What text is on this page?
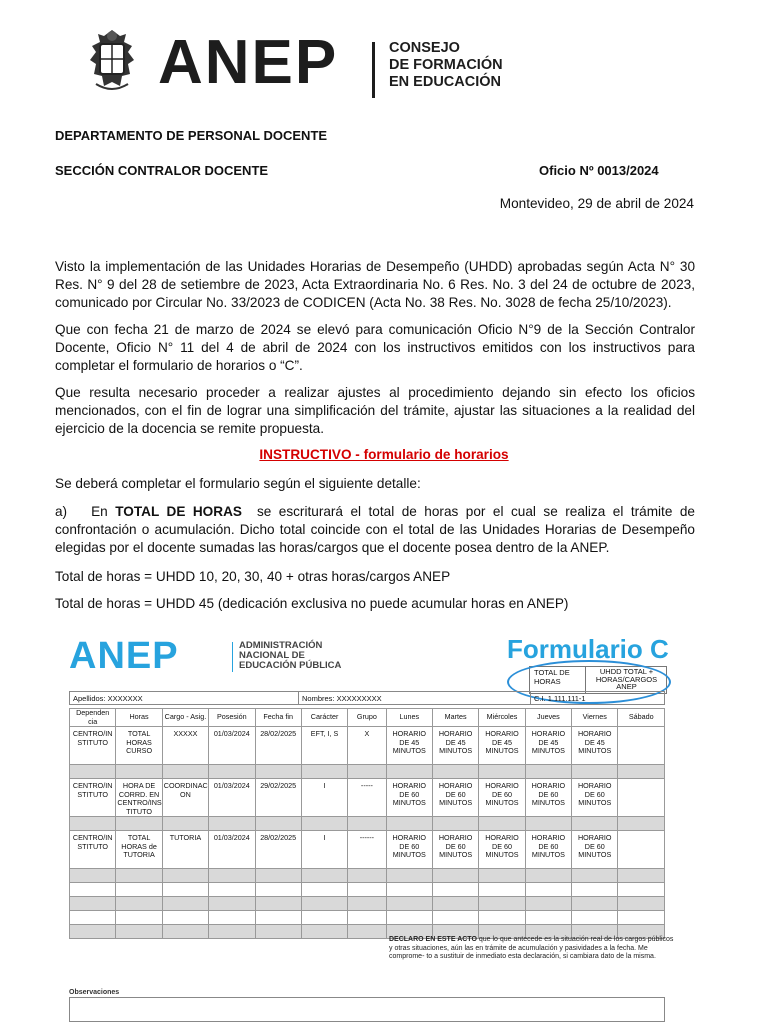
ANEP	CONSEJO
DE FORMACIÓN
EN EDUCACIÓN
DEPARTAMENTO DE PERSONAL DOCENTE
SECCIÓN CONTRALOR DOCENTE	Oficio Nº 0013/2024
Montevideo, 29 de abril de 2024

Visto la implementación de las Unidades Horarias de Desempeño (UHDD) aprobadas según Acta N° 30 Res. N° 9 del 28 de setiembre de 2023, Acta Extraordinaria No. 6 Res. No. 3 del 24 de octubre de 2023, comunicado por Circular No. 33/2023 de CODICEN (Acta No. 38 Res. No. 3028 de fecha 25/10/2023).

Que con fecha 21 de marzo de 2024 se elevó para comunicación Oficio N°9 de la Sección Contralor Docente, Oficio N° 11 del 4 de abril de 2024 con los instructivos emitidos con los instructivos para completar el formulario de horarios o “C”.

Que resulta necesario proceder a realizar ajustes al procedimiento dejando sin efecto los oficios mencionados, con el fin de lograr una simplificación del trámite, ajustar las situaciones a la realidad del ejercicio de la docencia se remite propuesta.

INSTRUCTIVO - formulario de horarios
Se deberá completar el formulario según el siguiente detalle:

a) En TOTAL DE HORAS se escriturará el total de horas por el cual se realiza el trámite de confrontación o acumulación. Dicho total coincide con el total de las Unidades Horarias de Desempeño elegidas por el docente sumadas las horas/cargos que el docente posea dentro de la ANEP.

Total de horas = UHDD 10, 20, 30, 40 + otras horas/cargos ANEP
Total de horas = UHDD 45 (dedicación exclusiva no puede acumular horas en ANEP)
ANEP	ADMINISTRACIÓN
NACIONAL DE
EDUCACIÓN PÚBLICA
Formulario C
TOTAL DE HORAS
UHDD TOTAL + HORAS/CARGOS ANEP
Apellidos: XXXXXXX	Nombres: XXXXXXXXX	C.I. 1.111.111-1
Dependen cia	Horas	Cargo - Asig.	Posesión	Fecha fin	Carácter	Grupo	Lunes	Martes	Miércoles	Jueves	Viernes	Sábado
CENTRO/IN STITUTO	TOTAL HORAS CURSO	XXXXX	01/03/2024	28/02/2025	EFT, I, S	X	HORARIO DE 45 MINUTOS	HORARIO DE 45 MINUTOS	HORARIO DE 45 MINUTOS	HORARIO DE 45 MINUTOS	HORARIO DE 45 MINUTOS	

CENTRO/IN STITUTO	HORA DE CORRD. EN CENTRO/INS TITUTO	COORDINAC ON	01/03/2024	29/02/2025	I	-----	HORARIO DE 60 MINUTOS	HORARIO DE 60 MINUTOS	HORARIO DE 60 MINUTOS	HORARIO DE 60 MINUTOS	HORARIO DE 60 MINUTOS	

CENTRO/IN STITUTO	TOTAL HORAS de TUTORIA	TUTORIA	01/03/2024	28/02/2025	I	------	HORARIO DE 60 MINUTOS	HORARIO DE 60 MINUTOS	HORARIO DE 60 MINUTOS	HORARIO DE 60 MINUTOS	HORARIO DE 60 MINUTOS	

DECLARO EN ESTE ACTO que lo que antecede es la situación real de los cargos públicos y otras situaciones, aún las en trámite de acumulación y pasividades a la fecha. Me comprome- to a sustituir de inmediato esta declaración, si cambiara dato de la misma.
Observaciones
